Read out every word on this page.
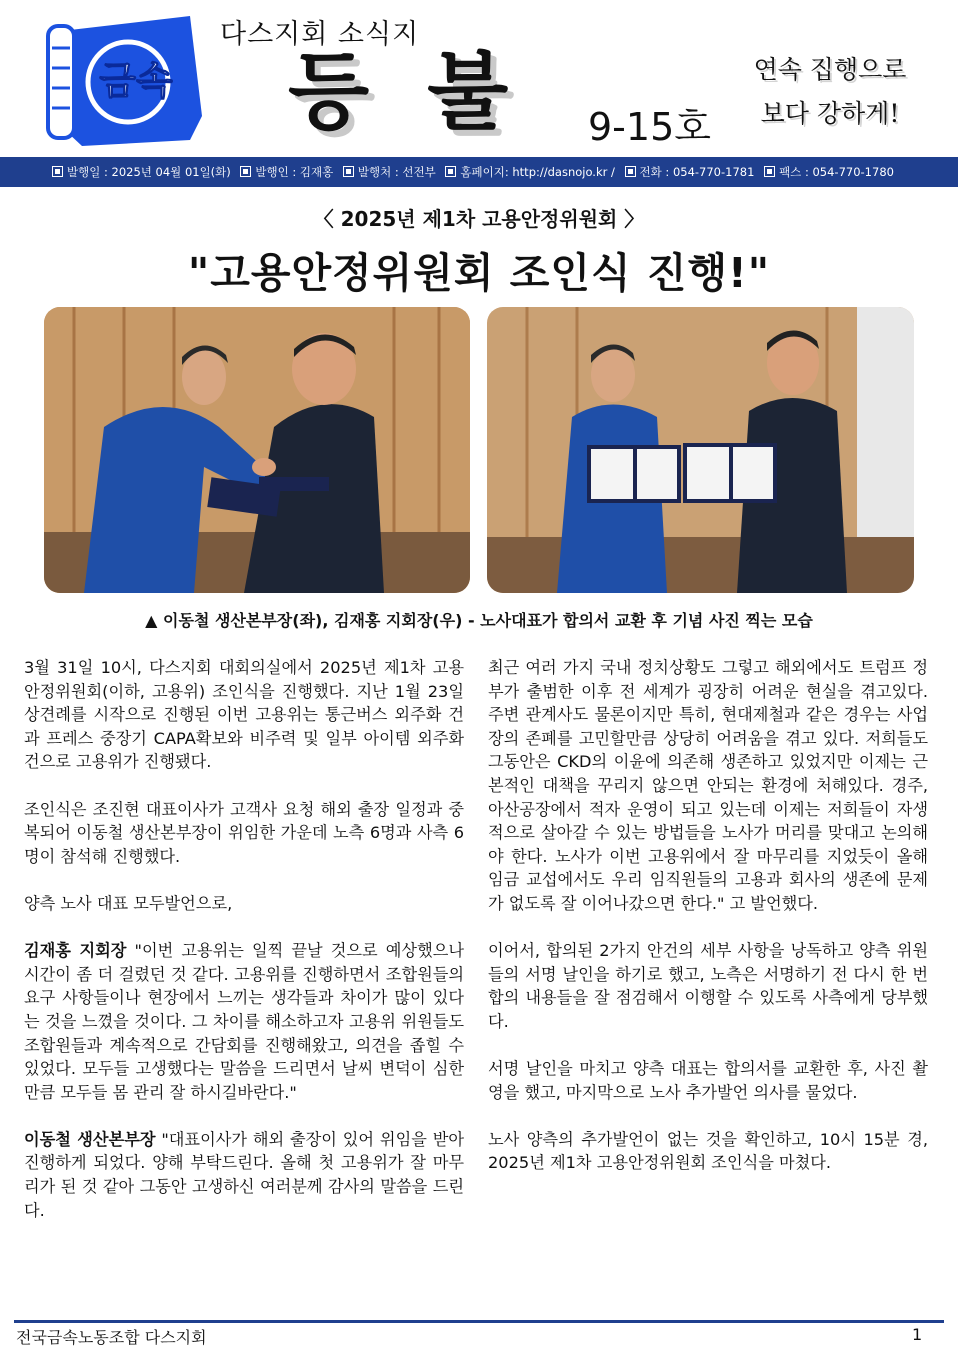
금속
다스지회 소식지
등불 9-15호
연속 집행으로
보다 강하게!
발행일 : 2025년 04월 01일(화) 발행인 : 김재홍 발행처 : 선전부 홈페이지: http://dasnojo.kr / 전화 : 054-770-1781 팩스 : 054-770-1780
〈 2025년 제1차 고용안정위원회 〉
"고용안정위원회 조인식 진행!"
▲ 이동철 생산본부장(좌), 김재홍 지회장(우) - 노사대표가 합의서 교환 후 기념 사진 찍는 모습

3월 31일 10시, 다스지회 대회의실에서 2025년 제1차 고용안정위원회(이하, 고용위) 조인식을 진행했다. 지난 1월 23일 상견례를 시작으로 진행된 이번 고용위는 통근버스 외주화 건과 프레스 중장기 CAPA확보와 비주력 및 일부 아이템 외주화 건으로 고용위가 진행됐다.

조인식은 조진현 대표이사가 고객사 요청 해외 출장 일정과 중복되어 이동철 생산본부장이 위임한 가운데 노측 6명과 사측 6명이 참석해 진행했다.

양측 노사 대표 모두발언으로,

김재홍 지회장 "이번 고용위는 일찍 끝날 것으로 예상했으나 시간이 좀 더 걸렸던 것 같다. 고용위를 진행하면서 조합원들의 요구 사항들이나 현장에서 느끼는 생각들과 차이가 많이 있다는 것을 느꼈을 것이다. 그 차이를 해소하고자 고용위 위원들도 조합원들과 계속적으로 간담회를 진행해왔고, 의견을 좁힐 수 있었다. 모두들 고생했다는 말씀을 드리면서 날씨 변덕이 심한 만큼 모두들 몸 관리 잘 하시길바란다."

이동철 생산본부장 "대표이사가 해외 출장이 있어 위임을 받아 진행하게 되었다. 양해 부탁드린다. 올해 첫 고용위가 잘 마무리가 된 것 같아 그동안 고생하신 여러분께 감사의 말씀을 드린다.

최근 여러 가지 국내 정치상황도 그렇고 해외에서도 트럼프 정부가 출범한 이후 전 세계가 굉장히 어려운 현실을 겪고있다. 주변 관계사도 물론이지만 특히, 현대제철과 같은 경우는 사업장의 존폐를 고민할만큼 상당히 어려움을 겪고 있다. 저희들도 그동안은 CKD의 이윤에 의존해 생존하고 있었지만 이제는 근본적인 대책을 꾸리지 않으면 안되는 환경에 처해있다. 경주, 아산공장에서 적자 운영이 되고 있는데 이제는 저희들이 자생적으로 살아갈 수 있는 방법들을 노사가 머리를 맞대고 논의해야 한다. 노사가 이번 고용위에서 잘 마무리를 지었듯이 올해 임금 교섭에서도 우리 임직원들의 고용과 회사의 생존에 문제가 없도록 잘 이어나갔으면 한다." 고 발언했다.

이어서, 합의된 2가지 안건의 세부 사항을 낭독하고 양측 위원들의 서명 날인을 하기로 했고, 노측은 서명하기 전 다시 한 번 합의 내용들을 잘 점검해서 이행할 수 있도록 사측에게 당부했다.

서명 날인을 마치고 양측 대표는 합의서를 교환한 후, 사진 촬영을 했고, 마지막으로 노사 추가발언 의사를 물었다.

노사 양측의 추가발언이 없는 것을 확인하고, 10시 15분 경, 2025년 제1차 고용안정위원회 조인식을 마쳤다.

전국금속노동조합 다스지회	1
